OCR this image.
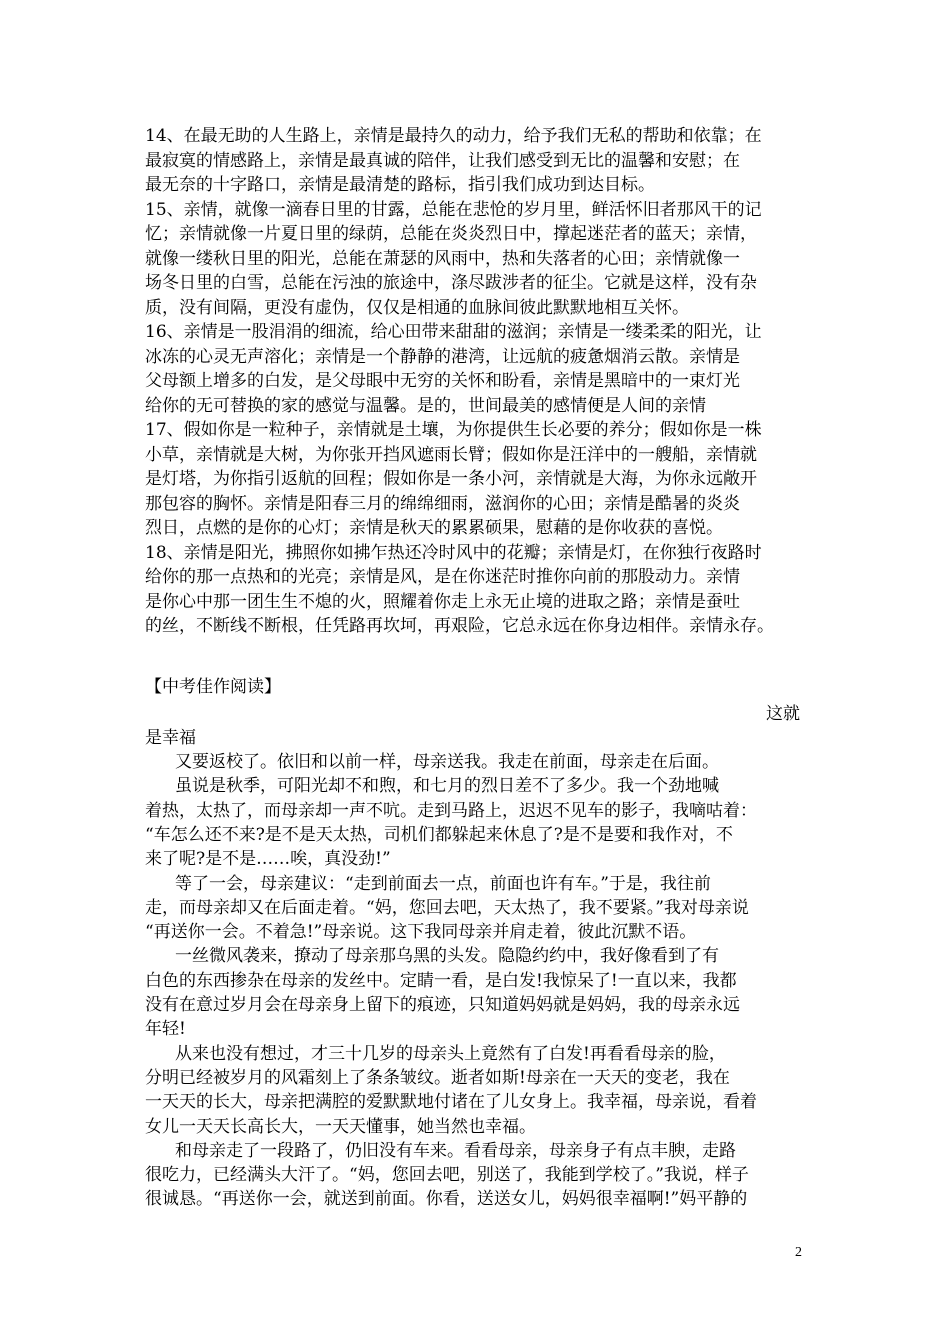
14、在最无助的人生路上，亲情是最持久的动力，给予我们无私的帮助和依靠；在
最寂寞的情感路上，亲情是最真诚的陪伴，让我们感受到无比的温馨和安慰；在
最无奈的十字路口，亲情是最清楚的路标，指引我们成功到达目标。
15、亲情，就像一滴春日里的甘露，总能在悲怆的岁月里，鲜活怀旧者那风干的记
忆；亲情就像一片夏日里的绿荫，总能在炎炎烈日中，撑起迷茫者的蓝天；亲情，
就像一缕秋日里的阳光，总能在萧瑟的风雨中，热和失落者的心田；亲情就像一
场冬日里的白雪，总能在污浊的旅途中，涤尽跋涉者的征尘。它就是这样，没有杂
质，没有间隔，更没有虚伪，仅仅是相通的血脉间彼此默默地相互关怀。
16、亲情是一股涓涓的细流，给心田带来甜甜的滋润；亲情是一缕柔柔的阳光，让
冰冻的心灵无声溶化；亲情是一个静静的港湾，让远航的疲惫烟消云散。亲情是
父母额上增多的白发，是父母眼中无穷的关怀和盼看，亲情是黑暗中的一束灯光
给你的无可替换的家的感觉与温馨。是的，世间最美的感情便是人间的亲情
17、假如你是一粒种子，亲情就是土壤，为你提供生长必要的养分；假如你是一株
小草，亲情就是大树，为你张开挡风遮雨长臂；假如你是汪洋中的一艘船，亲情就
是灯塔，为你指引返航的回程；假如你是一条小河，亲情就是大海，为你永远敞开
那包容的胸怀。亲情是阳春三月的绵绵细雨，滋润你的心田；亲情是酷暑的炎炎
烈日，点燃的是你的心灯；亲情是秋天的累累硕果，慰藉的是你收获的喜悦。
18、亲情是阳光，拂照你如拂乍热还冷时风中的花瓣；亲情是灯，在你独行夜路时
给你的那一点热和的光亮；亲情是风，是在你迷茫时推你向前的那股动力。亲情
是你心中那一团生生不熄的火，照耀着你走上永无止境的进取之路；亲情是蚕吐
的丝，不断线不断根，任凭路再坎坷，再艰险，它总永远在你身边相伴。亲情永存。
【中考佳作阅读】
这就
是幸福
又要返校了。依旧和以前一样，母亲送我。我走在前面，母亲走在后面。
虽说是秋季，可阳光却不和煦，和七月的烈日差不了多少。我一个劲地喊
着热，太热了，而母亲却一声不吭。走到马路上，迟迟不见车的影子，我嘀咕着：
“车怎么还不来?是不是天太热，司机们都躲起来休息了?是不是要和我作对，不
来了呢?是不是……唉，真没劲!”
等了一会，母亲建议：“走到前面去一点，前面也许有车。”于是，我往前
走，而母亲却又在后面走着。“妈，您回去吧，天太热了，我不要紧。”我对母亲说
“再送你一会。不着急!”母亲说。这下我同母亲并肩走着，彼此沉默不语。
一丝微风袭来，撩动了母亲那乌黑的头发。隐隐约约中，我好像看到了有
白色的东西掺杂在母亲的发丝中。定睛一看，是白发!我惊呆了!一直以来，我都
没有在意过岁月会在母亲身上留下的痕迹，只知道妈妈就是妈妈，我的母亲永远
年轻!
从来也没有想过，才三十几岁的母亲头上竟然有了白发!再看看母亲的脸，
分明已经被岁月的风霜刻上了条条皱纹。逝者如斯!母亲在一天天的变老，我在
一天天的长大，母亲把满腔的爱默默地付诸在了儿女身上。我幸福，母亲说，看着
女儿一天天长高长大，一天天懂事，她当然也幸福。
和母亲走了一段路了，仍旧没有车来。看看母亲，母亲身子有点丰腴，走路
很吃力，已经满头大汗了。“妈，您回去吧，别送了，我能到学校了。”我说，样子
很诚恳。“再送你一会，就送到前面。你看，送送女儿，妈妈很幸福啊!”妈平静的
2
